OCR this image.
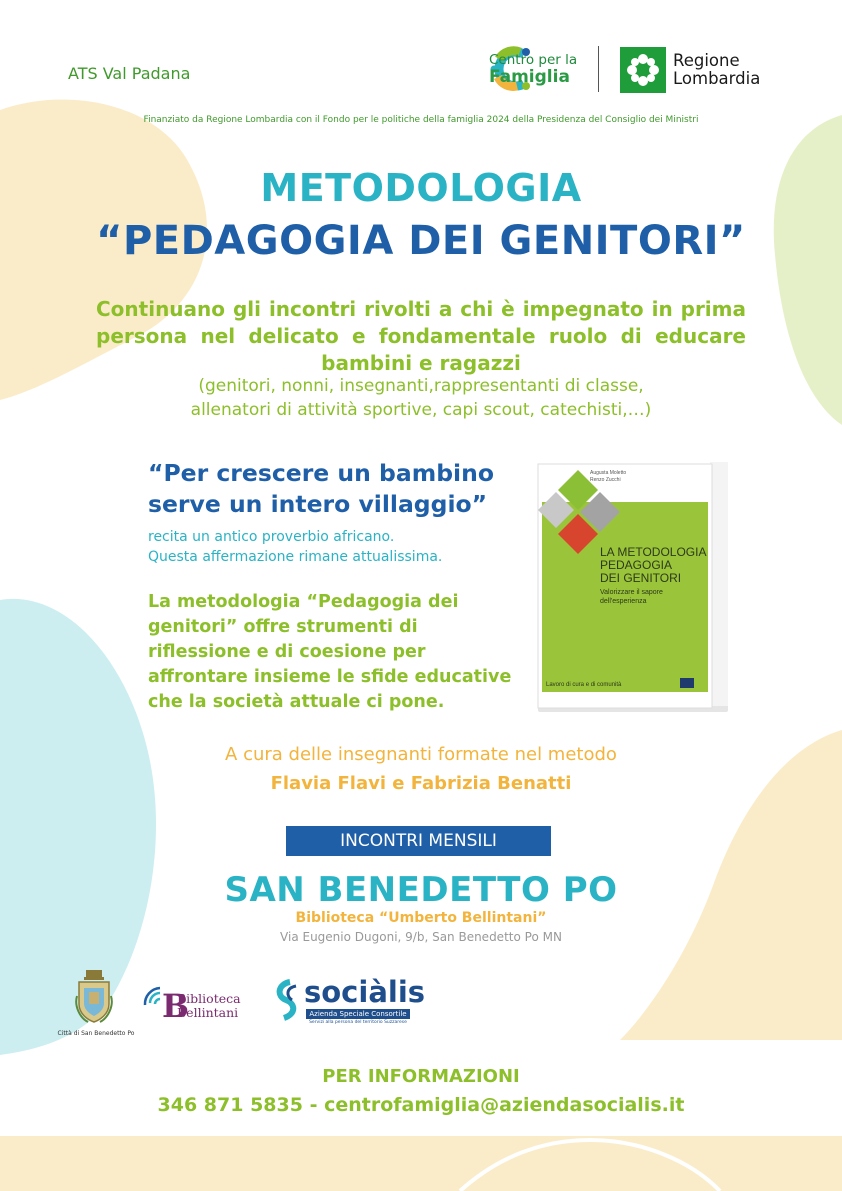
ATS Val Padana
Centro per la
Famiglia
Regione
Lombardia
Finanziato da Regione Lombardia con il Fondo per le politiche della famiglia 2024 della Presidenza del Consiglio dei Ministri
METODOLOGIA
“PEDAGOGIA DEI GENITORI”
Continuano gli incontri rivolti a chi è impegnato in prima persona nel delicato e fondamentale ruolo di educare bambini e ragazzi
(genitori, nonni, insegnanti,rappresentanti di classe,
allenatori di attività sportive, capi scout, catechisti,…)
“Per crescere un bambino
serve un intero villaggio”
recita un antico proverbio africano.
Questa affermazione rimane attualissima.
La metodologia “Pedagogia dei
genitori” offre strumenti di
riflessione e di coesione per
affrontare insieme le sfide educative
che la società attuale ci pone.
Augusta Moletto
Renzo Zucchi
LA METODOLOGIA
PEDAGOGIA
DEI GENITORI
Valorizzare il sapore
dell'esperienza
Lavoro di cura e di comunità
A cura delle insegnanti formate nel metodo
Flavia Flavi e Fabrizia Benatti
INCONTRI MENSILI
SAN BENEDETTO PO
Biblioteca “Umberto Bellintani”
Via Eugenio Dugoni, 9/b, San Benedetto Po MN
Città di San Benedetto Po
B
Biblioteca
Bellintani
sociàlis
Azienda Speciale Consortile
Servizi alla persona del territorio Suzzarese
PER INFORMAZIONI
346 871 5835 - centrofamiglia@aziendasocialis.it
